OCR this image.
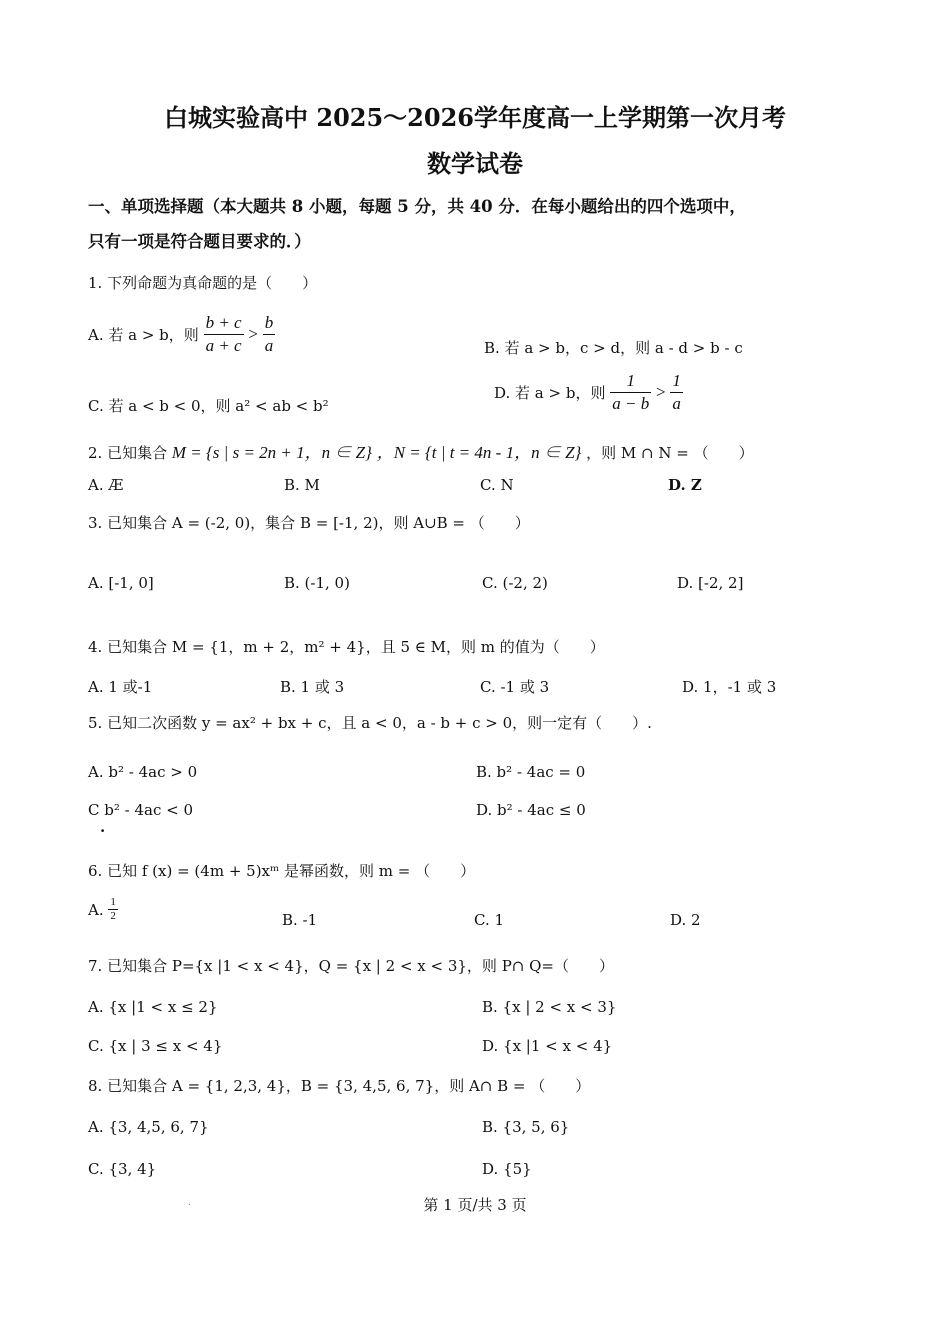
白城实验高中 2025～2026学年度高一上学期第一次月考
数学试卷
一、单项选择题（本大题共 8 小题，每题 5 分，共 40 分．在每小题给出的四个选项中，
只有一项是符合题目要求的．）
1. 下列命题为真命题的是（　　）
A. 若 a > b，则 $\frac{b + c}{a + c} > \frac{b}{a}$	B. 若 a > b，c > d，则 a - d > b - c
C. 若 a < b < 0，则 a² < ab < b²
D. 若 a > b，则 $\frac{1}{a - b} > \frac{1}{a}$
2. 已知集合 M = {s | s = 2n + 1，n ∈ Z} ，N = {t | t = 4n - 1，n ∈ Z} ，则 M ∩ N = （　　）
A. Æ	B. M	C. N	D. Z
3. 已知集合 A = (-2, 0)，集合 B = [-1, 2)，则 A∪B = （　　）
A. [-1, 0]	B. (-1, 0)	C. (-2, 2)	D. [-2, 2]
4. 已知集合 M = {1，m + 2，m² + 4}，且 5 ∈ M，则 m 的值为（　　）
A. 1 或-1	B. 1 或 3	C. -1 或 3	D. 1，-1 或 3
5. 已知二次函数 y = ax² + bx + c，且 a < 0，a - b + c > 0，则一定有（　　）.
A. b² - 4ac > 0	B. b² - 4ac = 0
C b² - 4ac < 0
.
D. b² - 4ac ≤ 0
6. 已知 f (x) = (4m + 5)xᵐ 是幂函数，则 m = （　　）
A. $\frac{1}{2}$	B. -1	C. 1	D. 2
7. 已知集合 P={x |1 < x < 4}，Q = {x | 2 < x < 3}，则 P∩ Q=（　　）
A. {x |1 < x ≤ 2}	B. {x | 2 < x < 3}
C. {x | 3 ≤ x < 4}	D. {x |1 < x < 4}
8. 已知集合 A = {1, 2,3, 4}，B = {3, 4,5, 6, 7}，则 A∩ B = （　　）
A. {3, 4,5, 6, 7}	B. {3, 5, 6}
C. {3, 4}	D. {5}
.	第 1 页/共 3 页
